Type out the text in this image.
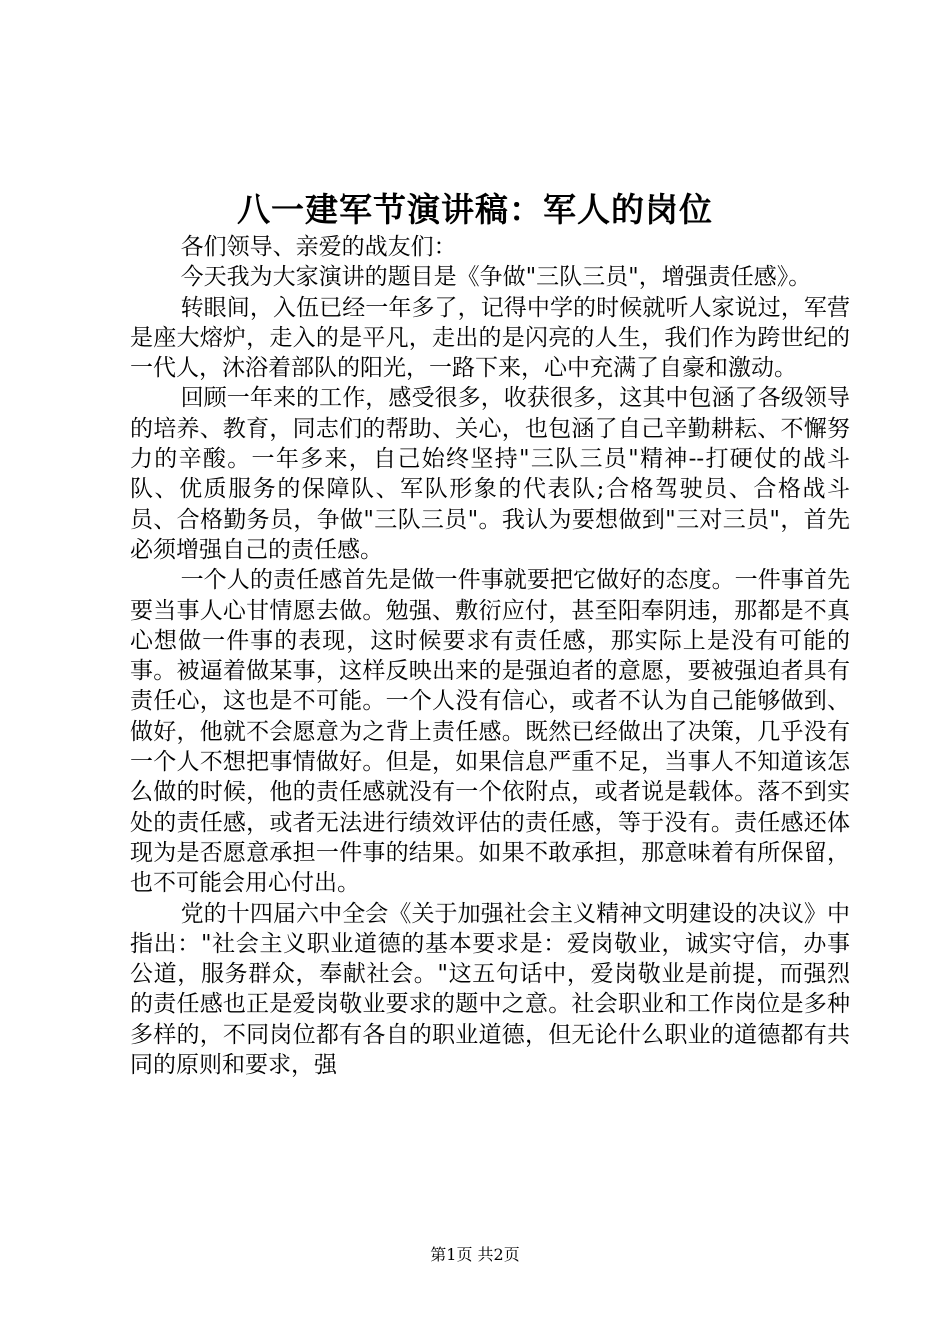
八一建军节演讲稿：军人的岗位

各们领导、亲爱的战友们：

今天我为大家演讲的题目是《争做"三队三员"，增强责任感》。

转眼间，入伍已经一年多了，记得中学的时候就听人家说过，军营是座大熔炉，走入的是平凡，走出的是闪亮的人生，我们作为跨世纪的一代人，沐浴着部队的阳光，一路下来，心中充满了自豪和激动。

回顾一年来的工作，感受很多，收获很多，这其中包涵了各级领导的培养、教育，同志们的帮助、关心，也包涵了自己辛勤耕耘、不懈努力的辛酸。一年多来，自己始终坚持"三队三员"精神--打硬仗的战斗队、优质服务的保障队、军队形象的代表队;合格驾驶员、合格战斗员、合格勤务员，争做"三队三员"。我认为要想做到"三对三员"，首先必须增强自己的责任感。

一个人的责任感首先是做一件事就要把它做好的态度。一件事首先要当事人心甘情愿去做。勉强、敷衍应付，甚至阳奉阴违，那都是不真心想做一件事的表现，这时候要求有责任感，那实际上是没有可能的事。被逼着做某事，这样反映出来的是强迫者的意愿，要被强迫者具有责任心，这也是不可能。一个人没有信心，或者不认为自己能够做到、做好，他就不会愿意为之背上责任感。既然已经做出了决策，几乎没有一个人不想把事情做好。但是，如果信息严重不足，当事人不知道该怎么做的时候，他的责任感就没有一个依附点，或者说是载体。落不到实处的责任感，或者无法进行绩效评估的责任感，等于没有。责任感还体现为是否愿意承担一件事的结果。如果不敢承担，那意味着有所保留，也不可能会用心付出。

党的十四届六中全会《关于加强社会主义精神文明建设的决议》中指出："社会主义职业道德的基本要求是：爱岗敬业，诚实守信，办事公道，服务群众，奉献社会。"这五句话中，爱岗敬业是前提，而强烈的责任感也正是爱岗敬业要求的题中之意。社会职业和工作岗位是多种多样的，不同岗位都有各自的职业道德，但无论什么职业的道德都有共同的原则和要求，强

第1页 共2页
